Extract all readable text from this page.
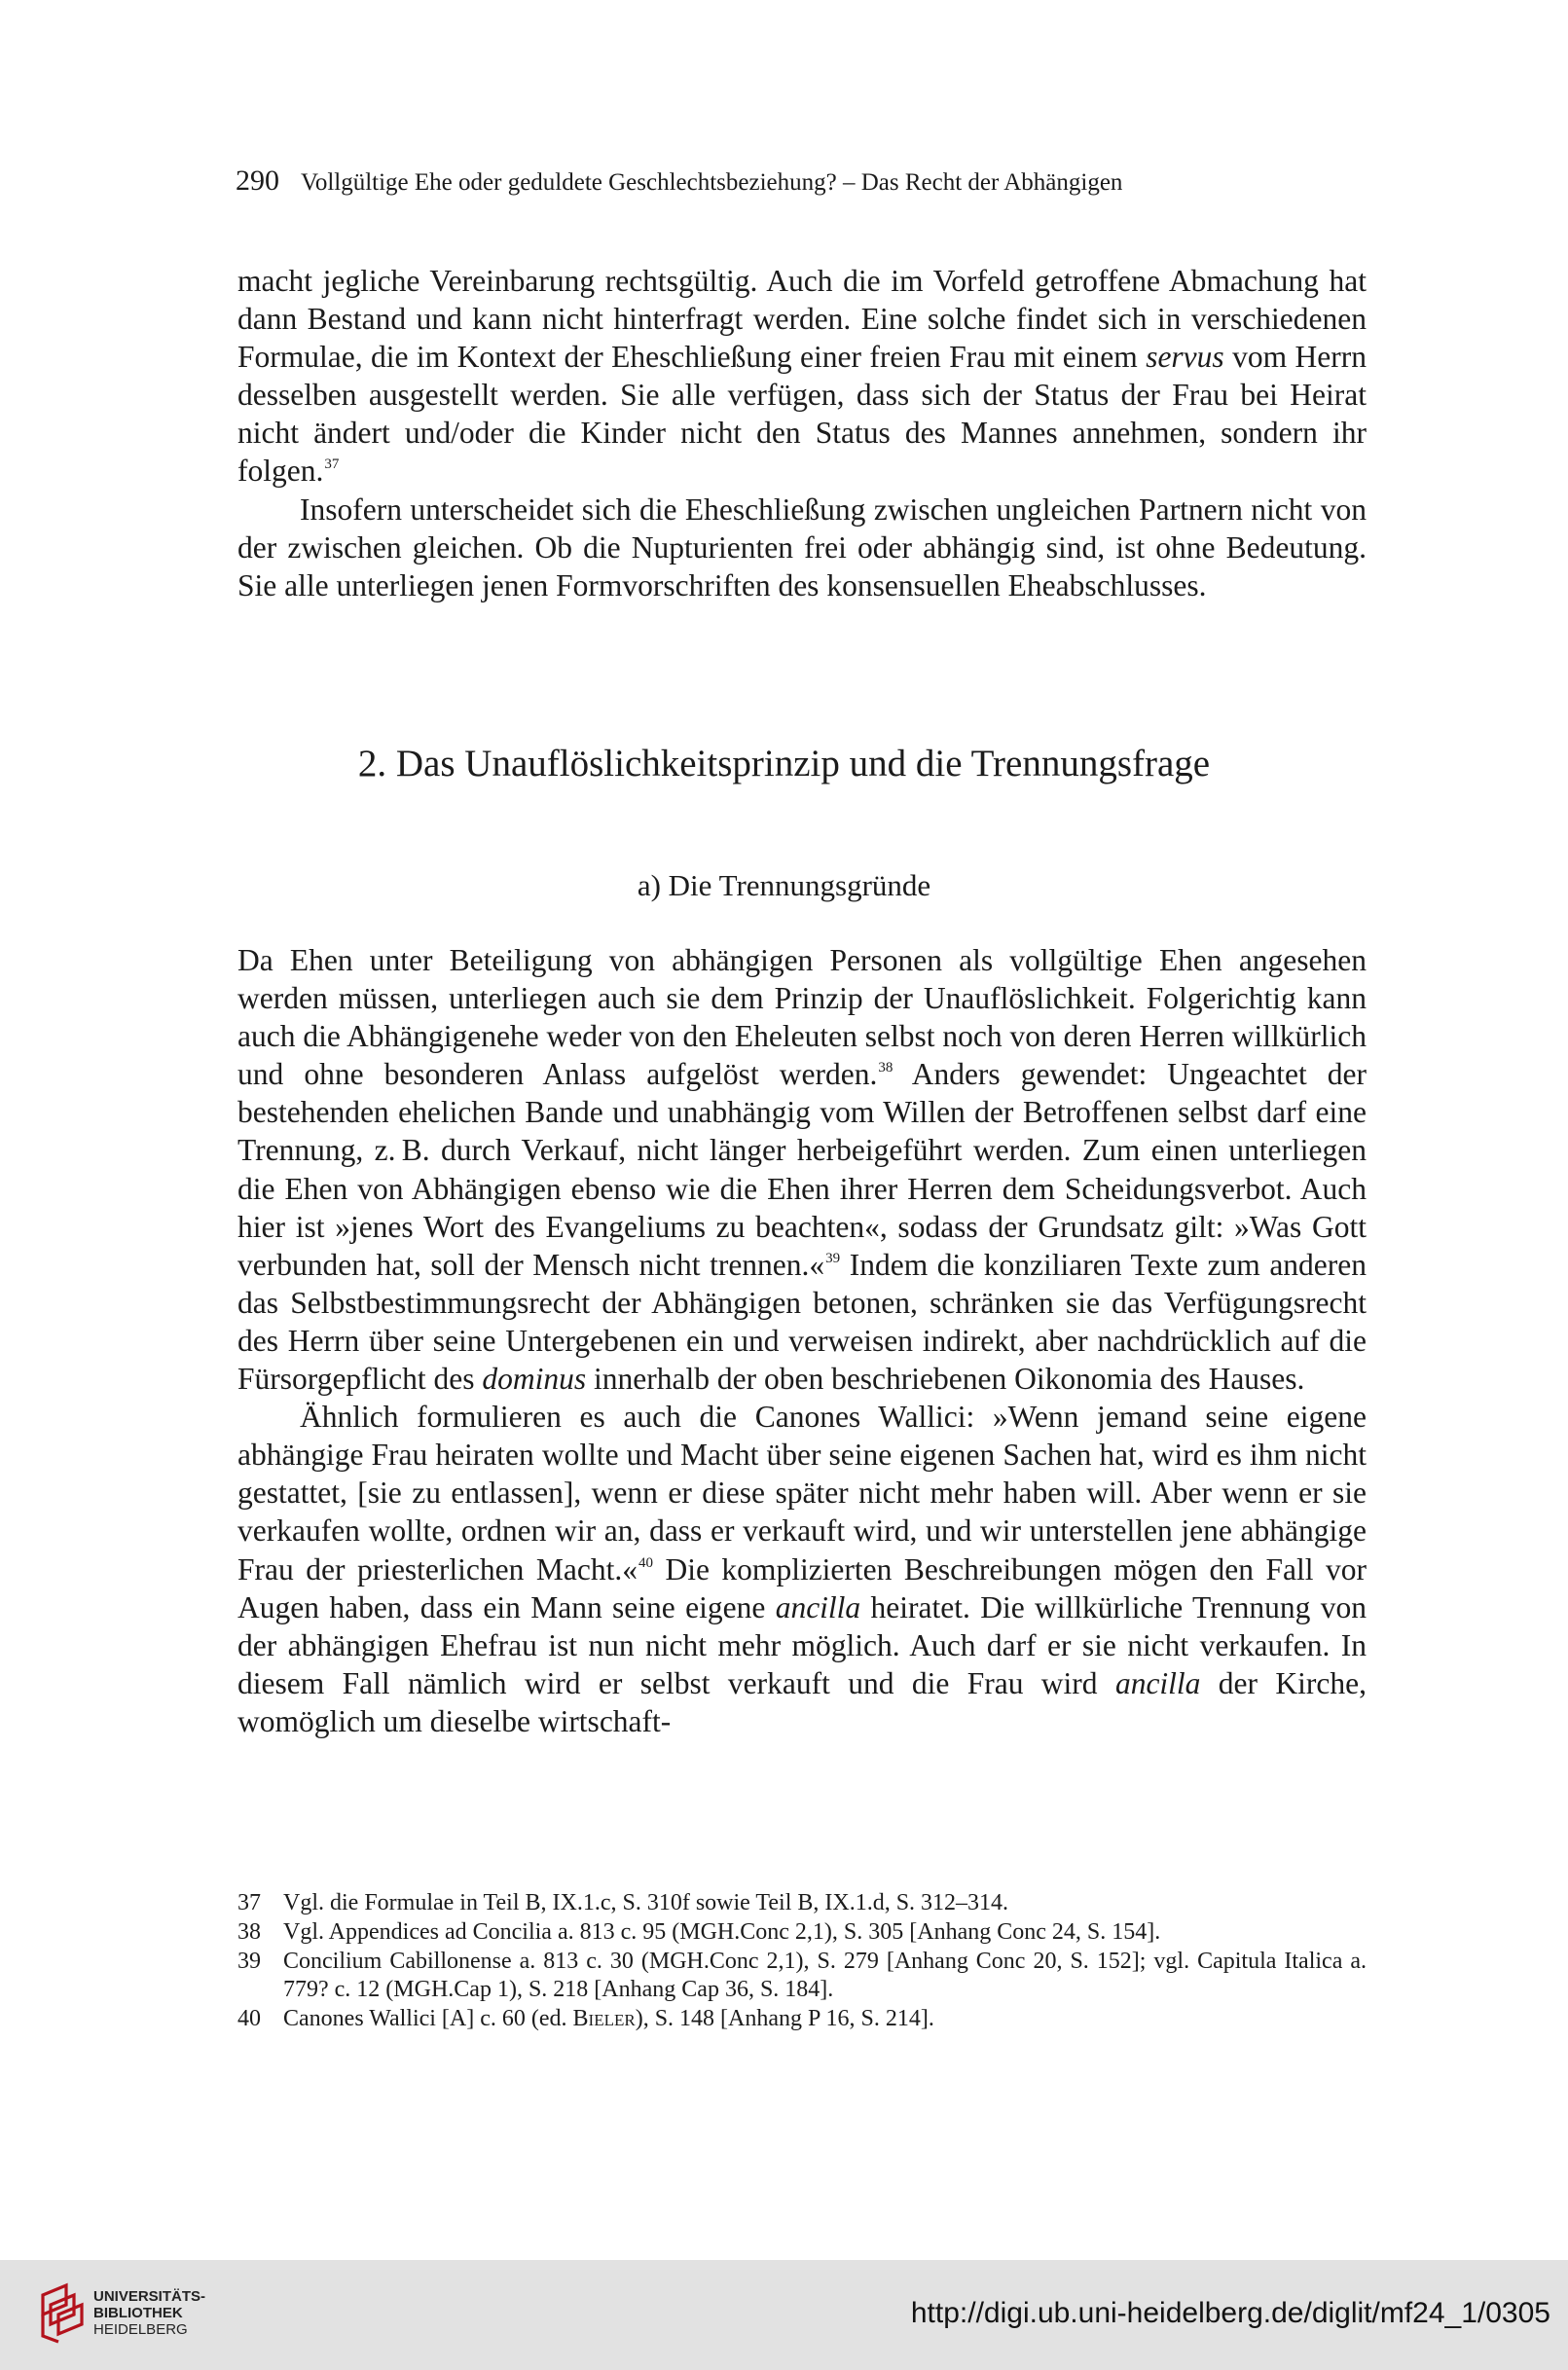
290 Vollgültige Ehe oder geduldete Geschlechtsbeziehung? – Das Recht der Abhängigen

macht jegliche Vereinbarung rechtsgültig. Auch die im Vorfeld getroffene Abmachung hat dann Bestand und kann nicht hinterfragt werden. Eine solche findet sich in verschiedenen Formulae, die im Kontext der Eheschließung einer freien Frau mit einem servus vom Herrn desselben ausgestellt werden. Sie alle verfügen, dass sich der Status der Frau bei Heirat nicht ändert und/oder die Kinder nicht den Status des Mannes annehmen, sondern ihr folgen.$^{37}$

Insofern unterscheidet sich die Eheschließung zwischen ungleichen Partnern nicht von der zwischen gleichen. Ob die Nupturienten frei oder abhängig sind, ist ohne Bedeutung. Sie alle unterliegen jenen Formvorschriften des konsensuellen Eheabschlusses.

2. Das Unauflöslichkeitsprinzip und die Trennungsfrage
a) Die Trennungsgründe

Da Ehen unter Beteiligung von abhängigen Personen als vollgültige Ehen angesehen werden müssen, unterliegen auch sie dem Prinzip der Unauflöslichkeit. Folgerichtig kann auch die Abhängigenehe weder von den Eheleuten selbst noch von deren Herren willkürlich und ohne besonderen Anlass aufgelöst werden.$^{38}$ Anders gewendet: Ungeachtet der bestehenden ehelichen Bande und unabhängig vom Willen der Betroffenen selbst darf eine Trennung, z. B. durch Verkauf, nicht länger herbeigeführt werden. Zum einen unterliegen die Ehen von Abhängigen ebenso wie die Ehen ihrer Herren dem Scheidungsverbot. Auch hier ist »jenes Wort des Evangeliums zu beachten«, sodass der Grundsatz gilt: »Was Gott verbunden hat, soll der Mensch nicht trennen.«$^{39}$ Indem die konziliaren Texte zum anderen das Selbstbestimmungsrecht der Abhängigen betonen, schränken sie das Verfügungsrecht des Herrn über seine Untergebenen ein und verweisen indirekt, aber nachdrücklich auf die Fürsorgepflicht des dominus innerhalb der oben beschriebenen Oikonomia des Hauses.

Ähnlich formulieren es auch die Canones Wallici: »Wenn jemand seine eigene abhängige Frau heiraten wollte und Macht über seine eigenen Sachen hat, wird es ihm nicht gestattet, [sie zu entlassen], wenn er diese später nicht mehr haben will. Aber wenn er sie verkaufen wollte, ordnen wir an, dass er verkauft wird, und wir unterstellen jene abhängige Frau der priesterlichen Macht.«$^{40}$ Die komplizierten Beschreibungen mögen den Fall vor Augen haben, dass ein Mann seine eigene ancilla heiratet. Die willkürliche Trennung von der abhängigen Ehefrau ist nun nicht mehr möglich. Auch darf er sie nicht verkaufen. In diesem Fall nämlich wird er selbst verkauft und die Frau wird ancilla der Kirche, womöglich um dieselbe wirtschaft-

37 Vgl. die Formulae in Teil B, IX.1.c, S. 310f sowie Teil B, IX.1.d, S. 312–314.
38 Vgl. Appendices ad Concilia a. 813 c. 95 (MGH.Conc 2,1), S. 305 [Anhang Conc 24, S. 154].
39 Concilium Cabillonense a. 813 c. 30 (MGH.Conc 2,1), S. 279 [Anhang Conc 20, S. 152]; vgl. Capitula Italica a. 779? c. 12 (MGH.Cap 1), S. 218 [Anhang Cap 36, S. 184].
40 Canones Wallici [A] c. 60 (ed. Bieler), S. 148 [Anhang P 16, S. 214].
UNIVERSITÄTS-
BIBLIOTHEK
HEIDELBERG
http://digi.ub.uni-heidelberg.de/diglit/mf24_1/0305
